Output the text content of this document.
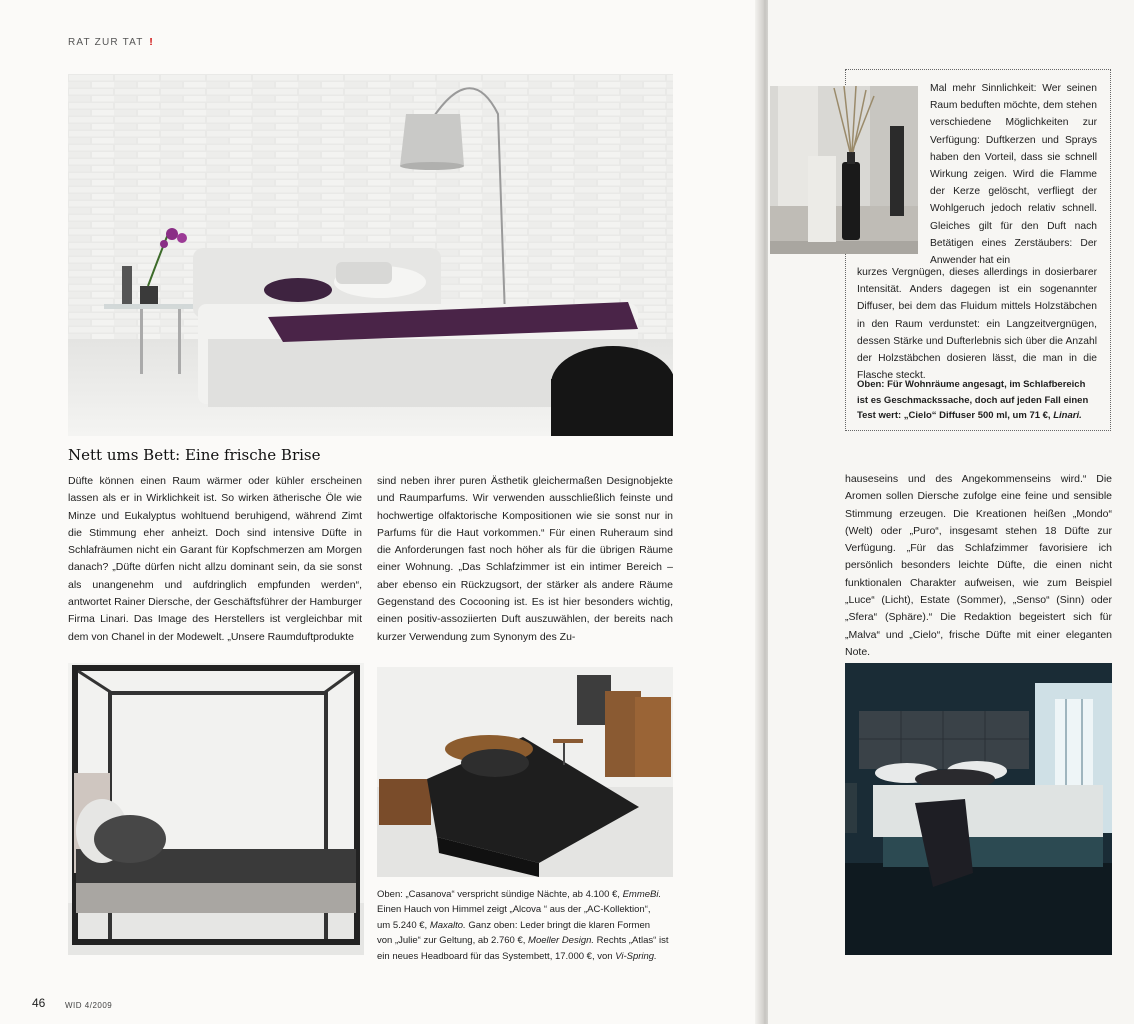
RAT ZUR TAT !
Nett ums Bett: Eine frische Brise
Düfte können einen Raum wärmer oder kühler erscheinen lassen als er in Wirklichkeit ist. So wirken ätherische Öle wie Minze und Eukalyptus wohltuend beruhigend, während Zimt die Stimmung eher anheizt. Doch sind intensive Düfte in Schlafräumen nicht ein Garant für Kopfschmerzen am Morgen danach? „Düfte dürfen nicht allzu dominant sein, da sie sonst als unangenehm und aufdringlich empfunden werden“, antwortet Rainer Diersche, der Geschäftsführer der Hamburger Firma Linari. Das Image des Herstellers ist vergleichbar mit dem von Chanel in der Modewelt. „Unsere Raumduftprodukte
sind neben ihrer puren Ästhetik gleichermaßen Designobjekte und Raumparfums. Wir verwenden ausschließlich feinste und hochwertige olfaktorische Kompositionen wie sie sonst nur in Parfums für die Haut vorkommen.“ Für einen Ruheraum sind die Anforderungen fast noch höher als für die übrigen Räume einer Wohnung. „Das Schlafzimmer ist ein intimer Bereich – aber ebenso ein Rückzugsort, der stärker als andere Räume Gegenstand des Cocooning ist. Es ist hier besonders wichtig, einen positiv-assoziierten Duft auszuwählen, der bereits nach kurzer Verwendung zum Synonym des Zu-
hauseseins und des Angekommenseins wird.“ Die Aromen sollen Diersche zufolge eine feine und sensible Stimmung erzeugen. Die Kreationen heißen „Mondo“ (Welt) oder „Puro“, insgesamt stehen 18 Düfte zur Verfügung. „Für das Schlafzimmer favorisiere ich persönlich besonders leichte Düfte, die einen nicht funktionalen Charakter aufweisen, wie zum Beispiel „Luce“ (Licht), Estate (Sommer), „Senso“ (Sinn) oder „Sfera“ (Sphäre).“ Die Redaktion begeistert sich für „Malva“ und „Cielo“, frische Düfte mit einer eleganten Note.
Oben: „Casanova“ verspricht sündige Nächte, ab 4.100 €, EmmeBi.
Einen Hauch von Himmel zeigt „Alcova “ aus der „AC-Kollektion“,
um 5.240 €, Maxalto. Ganz oben: Leder bringt die klaren Formen
von „Julie“ zur Geltung, ab 2.760 €, Moeller Design. Rechts „Atlas“ ist
ein neues Headboard für das Systembett, 17.000 €, von Vi-Spring.
Mal mehr Sinnlichkeit: Wer seinen Raum beduften möchte, dem stehen verschiedene Möglichkeiten zur Verfügung: Duftkerzen und Sprays haben den Vorteil, dass sie schnell Wirkung zeigen. Wird die Flamme der Kerze gelöscht, verfliegt der Wohlgeruch jedoch relativ schnell. Gleiches gilt für den Duft nach Betätigen eines Zerstäubers: Der Anwender hat ein
kurzes Vergnügen, dieses allerdings in dosierbarer Intensität. Anders dagegen ist ein sogenannter Diffuser, bei dem das Fluidum mittels Holzstäbchen in den Raum verdunstet: ein Langzeitvergnügen, dessen Stärke und Dufterlebnis sich über die Anzahl der Holzstäbchen dosieren lässt, die man in die Flasche steckt.
Oben: Für Wohnräume angesagt, im Schlafbereich ist es Geschmackssache, doch auf jeden Fall einen Test wert: „Cielo“ Diffuser 500 ml, um 71 €, Linari.
46 WID 4/2009
